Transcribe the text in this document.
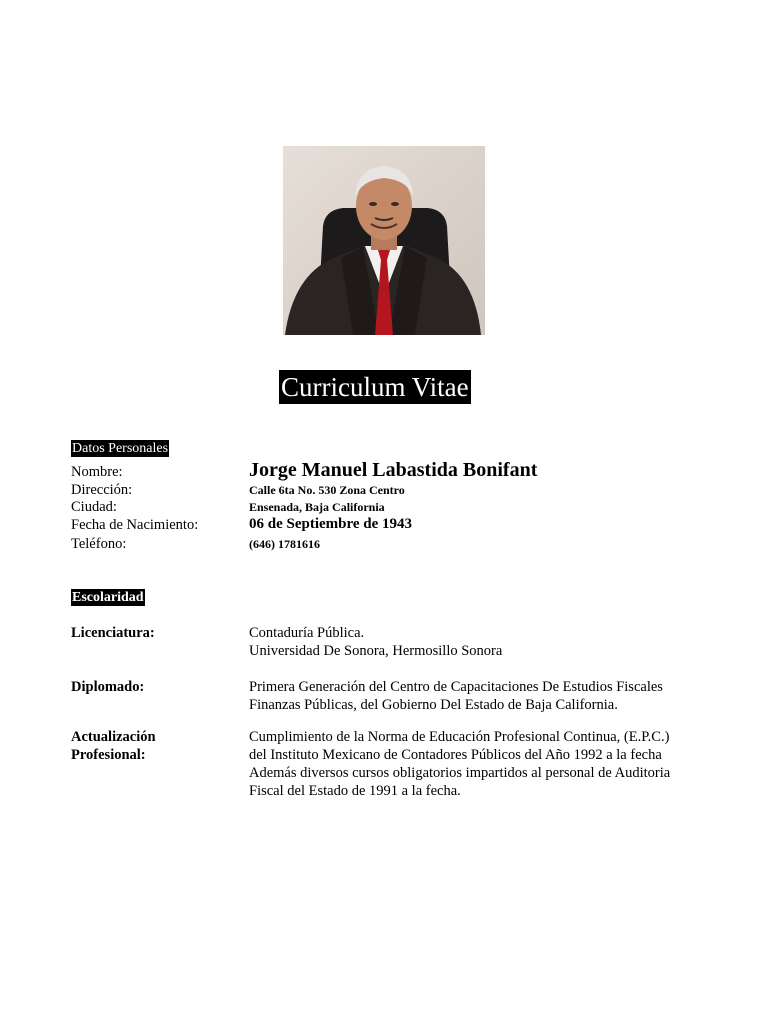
Curriculum Vitae
Datos Personales
Nombre:	Jorge Manuel Labastida Bonifant
Dirección:	Calle 6ta No. 530 Zona Centro
Ciudad:	Ensenada, Baja California
Fecha de Nacimiento:	06 de Septiembre de 1943
Teléfono:	(646) 1781616
Escolaridad
Licenciatura:	Contaduría Pública.
Universidad De Sonora, Hermosillo Sonora
Diplomado:	Primera Generación del Centro de Capacitaciones De Estudios Fiscales
Finanzas Públicas, del Gobierno Del Estado de Baja California.
Actualización
Profesional:
Cumplimiento de la Norma de Educación Profesional Continua, (E.P.C.)
del Instituto Mexicano de Contadores Públicos del Año 1992 a la fecha
Además diversos cursos obligatorios impartidos al personal de Auditoria
Fiscal del Estado de 1991 a la fecha.
